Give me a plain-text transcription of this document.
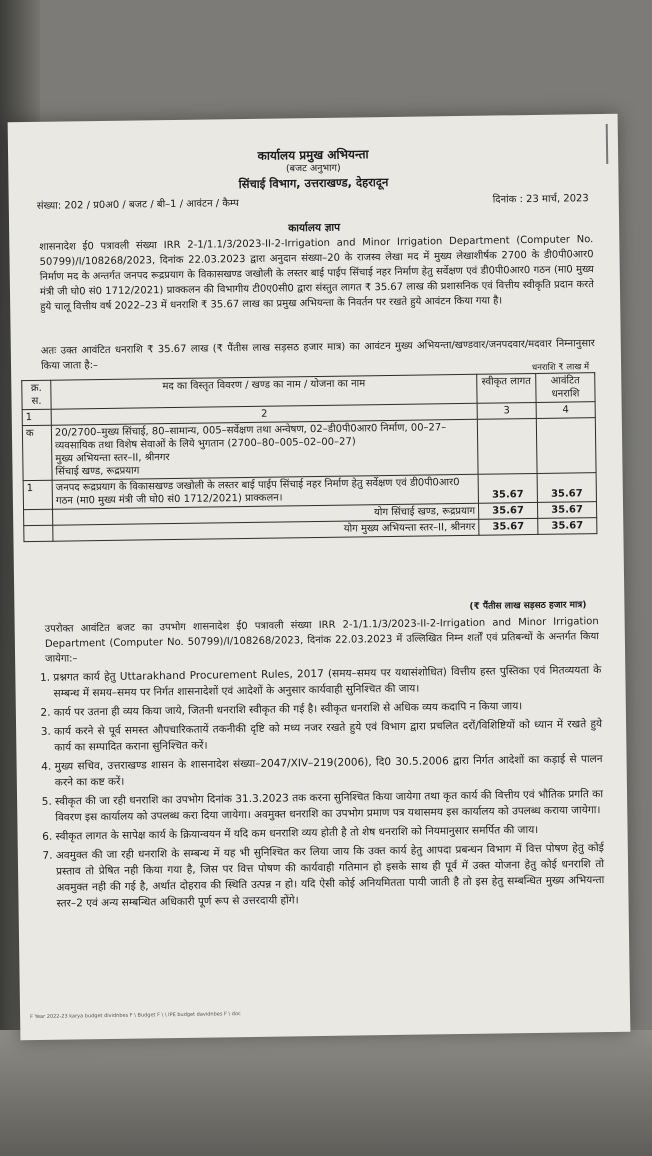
कार्यालय प्रमुख अभियन्ता
(बजट अनुभाग)
सिंचाई विभाग, उत्तराखण्ड, देहरादून
संख्या: 202 / प्र0अ0 / बजट / बी–1 / आवंटन / कैम्प	दिनांक : 23 मार्च, 2023
कार्यालय ज्ञाप
शासनादेश ई0 पत्रावली संख्या IRR 2-1/1.1/3/2023-II-2-Irrigation and Minor Irrigation Department (Computer No. 50799)/I/108268/2023, दिनांक 22.03.2023 द्वारा अनुदान संख्या–20 के राजस्व लेखा मद में मुख्य लेखाशीर्षक 2700 के डी0पी0आर0 निर्माण मद के अन्तर्गत जनपद रूद्रप्रयाग के विकासखण्ड जखोली के लस्तर बाई पाईप सिंचाई नहर निर्माण हेतु सर्वेक्षण एवं डी0पी0आर0 गठन (मा0 मुख्य मंत्री जी घो0 सं0 1712/2021) प्राक्कलन की विभागीय टी0ए0सी0 द्वारा संस्तुत लागत ₹ 35.67 लाख की प्रशासनिक एवं वित्तीय स्वीकृति प्रदान करते हुये चालू वित्तीय वर्ष 2022–23 में धनराशि ₹ 35.67 लाख का प्रमुख अभियन्ता के निवर्तन पर रखते हुये आवंटन किया गया है।
अतः उक्त आवंटित धनराशि ₹ 35.67 लाख (₹ पैंतीस लाख सड़सठ हजार मात्र) का आवंटन मुख्य अभियन्ता/खण्डवार/जनपदवार/मदवार निम्नानुसार किया जाता है:–	धनराशि ₹ लाख में
क्र. स.	मद का विस्तृत विवरण / खण्ड का नाम / योजना का नाम	स्वीकृत लागत	आवंटित धनराशि
1	2	3	4
क	20/2700–मुख्य सिंचाई, 80–सामान्य, 005–सर्वेक्षण तथा अन्वेषण, 02–डी0पी0आर0 निर्माण, 00–27–व्यवसायिक तथा विशेष सेवाओं के लिये भुगतान (2700–80–005–02–00–27)
मुख्य अभियन्ता स्तर–II, श्रीनगर
सिंचाई खण्ड, रूद्रप्रयाग		

1	जनपद रूद्रप्रयाग के विकासखण्ड जखोली के लस्तर बाई पाईप सिंचाई नहर निर्माण हेतु सर्वेक्षण एवं डी0पी0आर0 गठन (मा0 मुख्य मंत्री जी घो0 सं0 1712/2021) प्राक्कलन।	35.67	35.67
	योग सिंचाई खण्ड, रूद्रप्रयाग	35.67	35.67
	योग मुख्य अभियन्ता स्तर–II, श्रीनगर	35.67	35.67
(₹ पैंतीस लाख सड़सठ हजार मात्र)
उपरोक्त आवंटित बजट का उपभोग शासनादेश ई0 पत्रावली संख्या IRR 2-1/1.1/3/2023-II-2-Irrigation and Minor Irrigation Department (Computer No. 50799)/I/108268/2023, दिनांक 22.03.2023 में उल्लिखित निम्न शर्तों एवं प्रतिबन्धों के अन्तर्गत किया जायेगा:–
1. प्रश्नगत कार्य हेतु Uttarakhand Procurement Rules, 2017 (समय–समय पर यथासंशोधित) वित्तीय हस्त पुस्तिका एवं मितव्ययता के सम्बन्ध में समय–समय पर निर्गत शासनादेशों एवं आदेशों के अनुसार कार्यवाही सुनिश्चित की जाय।
2. कार्य पर उतना ही व्यय किया जाये, जितनी धनराशि स्वीकृत की गई है। स्वीकृत धनराशि से अधिक व्यय कदापि न किया जाय।
3. कार्य करने से पूर्व समस्त औपचारिकतायें तकनीकी दृष्टि को मध्य नजर रखते हुये एवं विभाग द्वारा प्रचलित दरों/विशिष्टियों को ध्यान में रखते हुये कार्य का सम्पादित कराना सुनिश्चित करें।
4. मुख्य सचिव, उत्तराखण्ड शासन के शासनादेश संख्या–2047/XIV–219(2006), दि0 30.5.2006 द्वारा निर्गत आदेशों का कड़ाई से पालन करने का कष्ट करें।
5. स्वीकृत की जा रही धनराशि का उपभोग दिनांक 31.3.2023 तक करना सुनिश्चित किया जायेगा तथा कृत कार्य की वित्तीय एवं भौतिक प्रगति का विवरण इस कार्यालय को उपलब्ध करा दिया जायेगा। अवमुक्त धनराशि का उपभोग प्रमाण पत्र यथासमय इस कार्यालय को उपलब्ध कराया जायेगा।
6. स्वीकृत लागत के सापेक्ष कार्य के क्रियान्वयन में यदि कम धनराशि व्यय होती है तो शेष धनराशि को नियमानुसार समर्पित की जाय।
7. अवमुक्त की जा रही धनराशि के सम्बन्ध में यह भी सुनिश्चित कर लिया जाय कि उक्त कार्य हेतु आपदा प्रबन्धन विभाग में वित्त पोषण हेतु कोई प्रस्ताव तो प्रेषित नही किया गया है, जिस पर वित्त पोषण की कार्यवाही गतिमान हो इसके साथ ही पूर्व में उक्त योजना हेतु कोई धनराशि तो अवमुक्त नही की गई है, अर्थात दोहराव की स्थिति उत्पन्न न हो। यदि ऐसी कोई अनियमितता पायी जाती है तो इस हेतु सम्बन्धित मुख्य अभियन्ता स्तर–2 एवं अन्य सम्बन्धित अधिकारी पूर्ण रूप से उत्तरदायी होंगे।
F Year 2022-23 karya budget dividnbes F \ Budget F \ \ IPE budget davidnbes F \ doc
